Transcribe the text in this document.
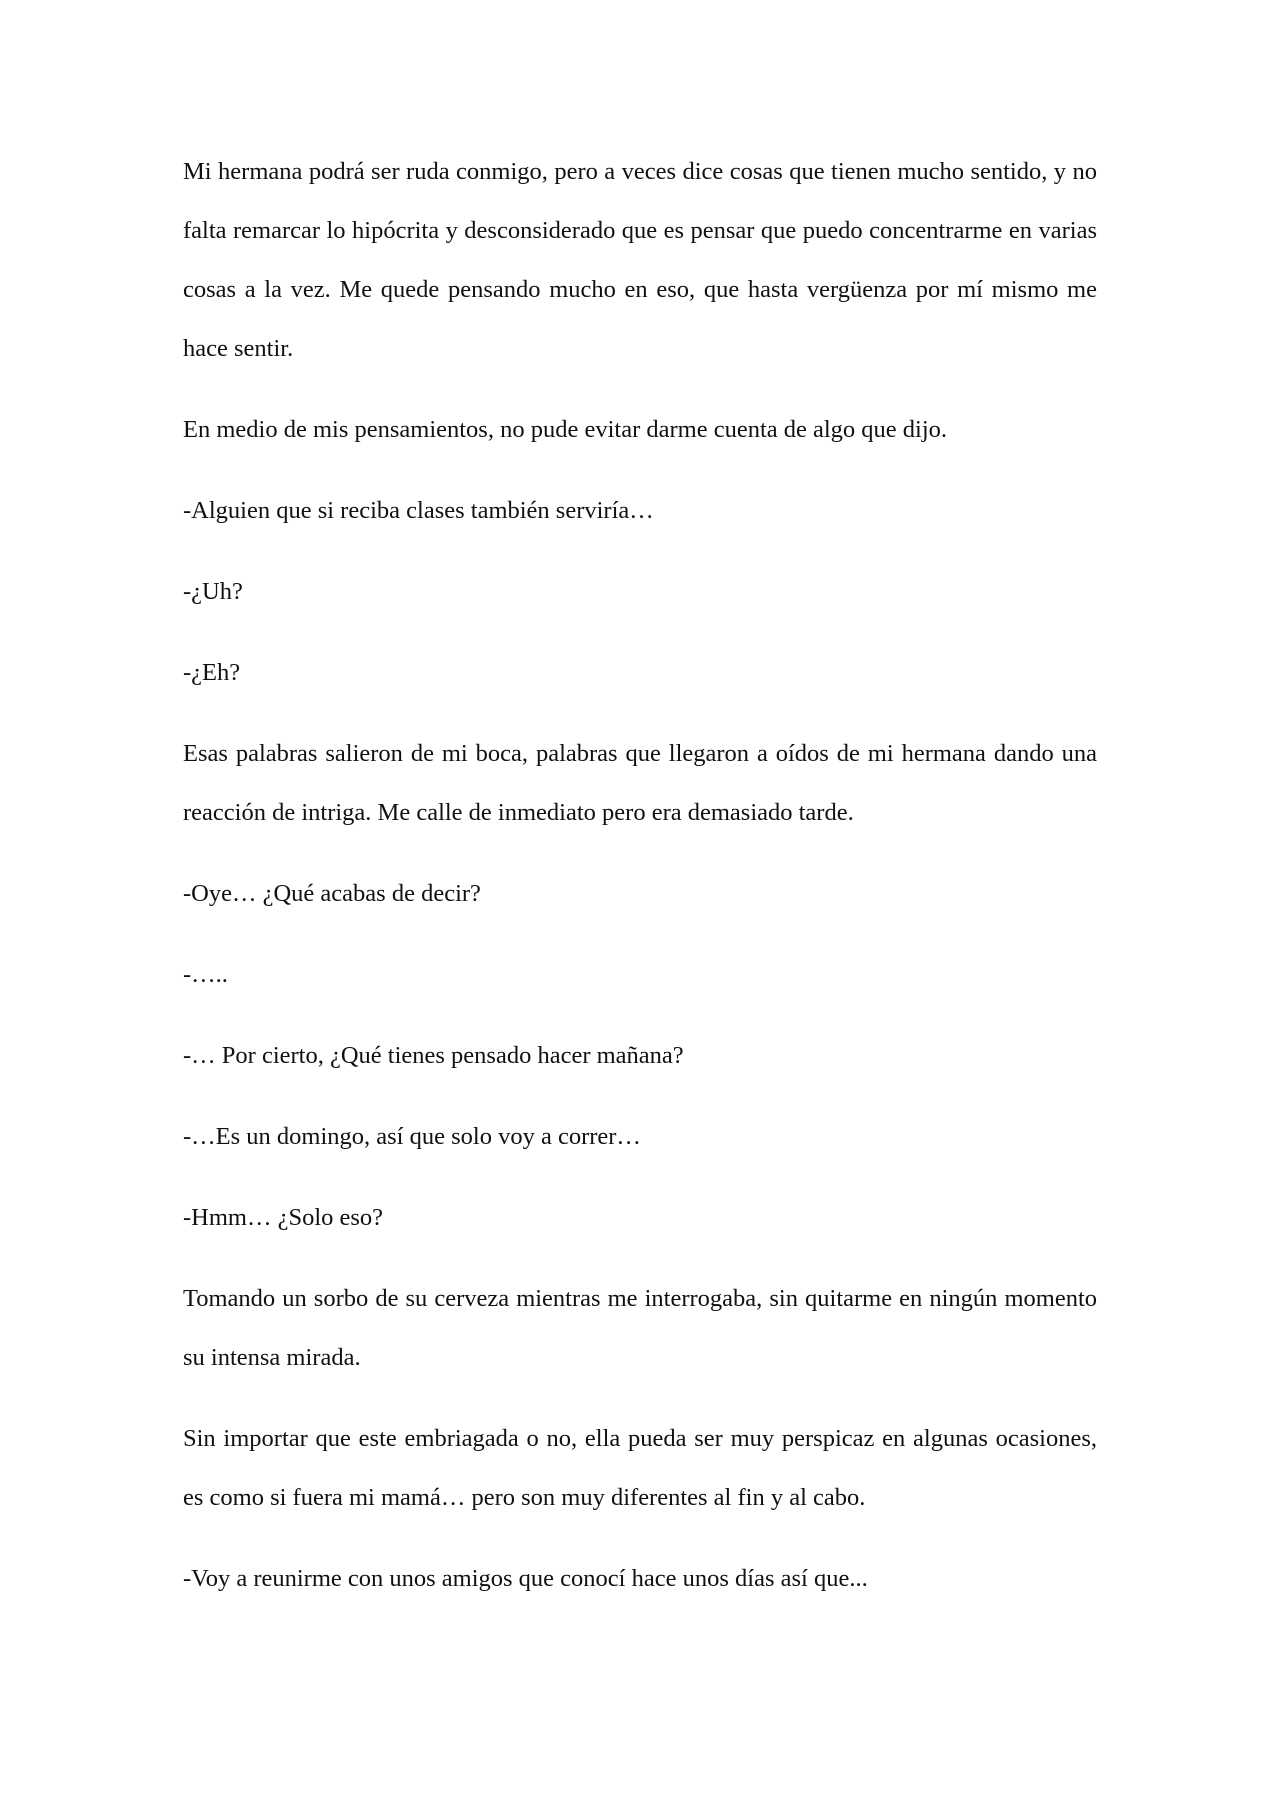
Mi hermana podrá ser ruda conmigo, pero a veces dice cosas que tienen mucho sentido, y no falta remarcar lo hipócrita y desconsiderado que es pensar que puedo concentrarme en varias cosas a la vez. Me quede pensando mucho en eso, que hasta vergüenza por mí mismo me hace sentir.

En medio de mis pensamientos, no pude evitar darme cuenta de algo que dijo.

-Alguien que si reciba clases también serviría…

-¿Uh?

-¿Eh?

Esas palabras salieron de mi boca, palabras que llegaron a oídos de mi hermana dando una reacción de intriga. Me calle de inmediato pero era demasiado tarde.

-Oye… ¿Qué acabas de decir?

-…..

-… Por cierto, ¿Qué tienes pensado hacer mañana?

-…Es un domingo, así que solo voy a correr…

-Hmm… ¿Solo eso?

Tomando un sorbo de su cerveza mientras me interrogaba, sin quitarme en ningún momento su intensa mirada.

Sin importar que este embriagada o no, ella pueda ser muy perspicaz en algunas ocasiones, es como si fuera mi mamá… pero son muy diferentes al fin y al cabo.

-Voy a reunirme con unos amigos que conocí hace unos días así que...
